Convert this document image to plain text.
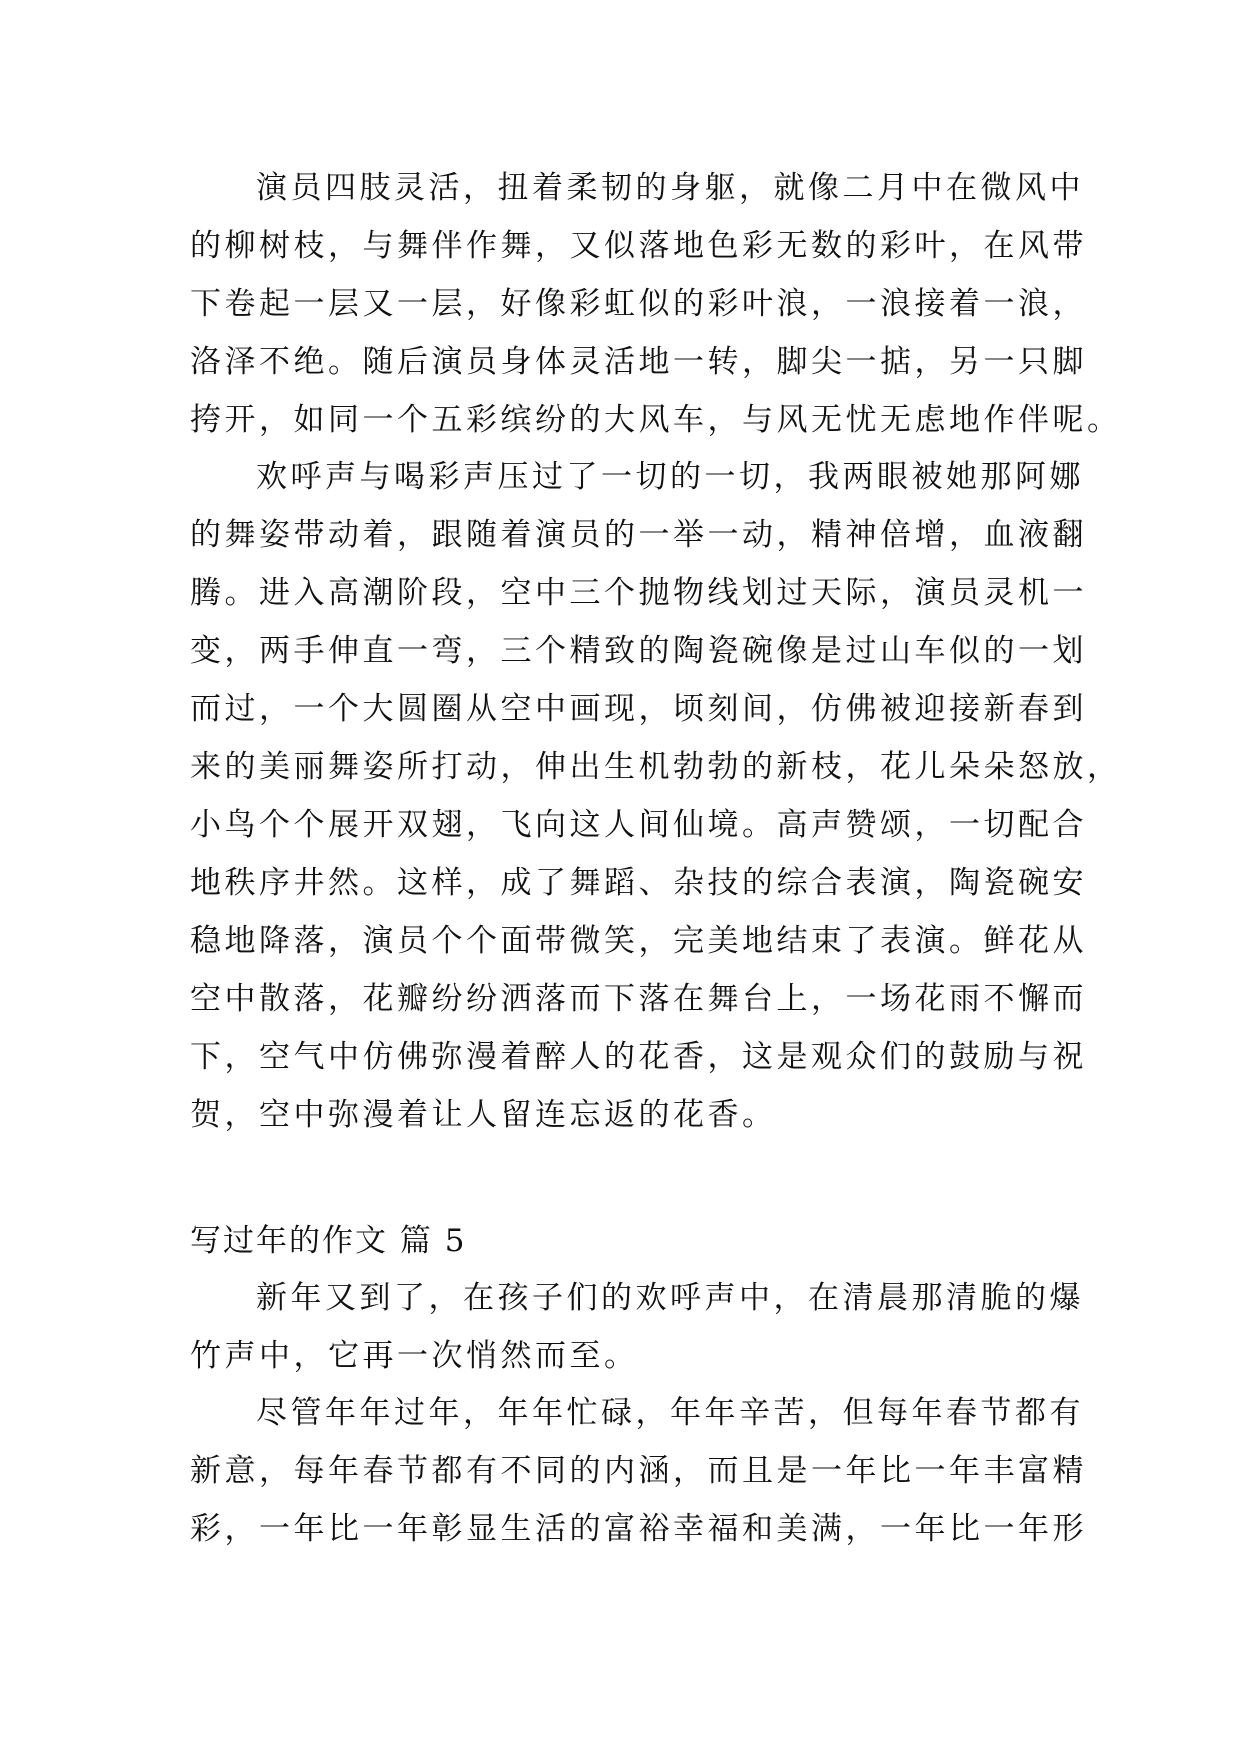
演员四肢灵活，扭着柔韧的身躯，就像二月中在微风中
的柳树枝，与舞伴作舞，又似落地色彩无数的彩叶，在风带
下卷起一层又一层，好像彩虹似的彩叶浪，一浪接着一浪，
洛泽不绝。随后演员身体灵活地一转，脚尖一掂，另一只脚
挎开，如同一个五彩缤纷的大风车，与风无忧无虑地作伴呢。
欢呼声与喝彩声压过了一切的一切，我两眼被她那阿娜
的舞姿带动着，跟随着演员的一举一动，精神倍增，血液翻
腾。进入高潮阶段，空中三个抛物线划过天际，演员灵机一
变，两手伸直一弯，三个精致的陶瓷碗像是过山车似的一划
而过，一个大圆圈从空中画现，顷刻间，仿佛被迎接新春到
来的美丽舞姿所打动，伸出生机勃勃的新枝，花儿朵朵怒放，
小鸟个个展开双翅，飞向这人间仙境。高声赞颂，一切配合
地秩序井然。这样，成了舞蹈、杂技的综合表演，陶瓷碗安
稳地降落，演员个个面带微笑，完美地结束了表演。鲜花从
空中散落，花瓣纷纷洒落而下落在舞台上，一场花雨不懈而
下，空气中仿佛弥漫着醉人的花香，这是观众们的鼓励与祝
贺，空中弥漫着让人留连忘返的花香。
写过年的作文 篇 5
新年又到了，在孩子们的欢呼声中，在清晨那清脆的爆
竹声中，它再一次悄然而至。
尽管年年过年，年年忙碌，年年辛苦，但每年春节都有
新意，每年春节都有不同的内涵，而且是一年比一年丰富精
彩，一年比一年彰显生活的富裕幸福和美满，一年比一年形
